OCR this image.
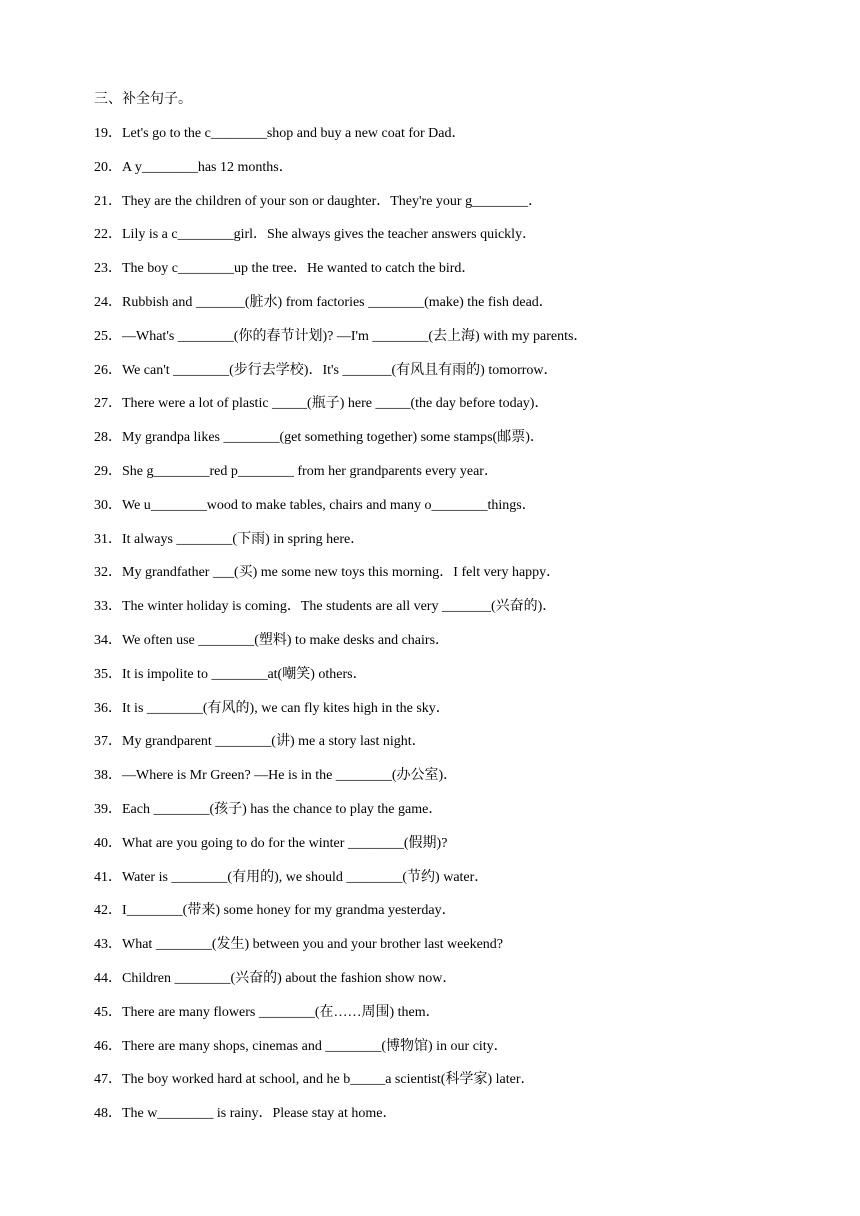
三、补全句子。
19．Let's go to the c________shop and buy a new coat for Dad．
20．A y________has 12 months．
21．They are the children of your son or daughter．They're your g________．
22．Lily is a c________girl．She always gives the teacher answers quickly．
23．The boy c________up the tree．He wanted to catch the bird．
24．Rubbish and _______(脏水) from factories ________(make) the fish dead．
25．—What's ________(你的春节计划)? —I'm ________(去上海) with my parents．
26．We can't ________(步行去学校)．It's _______(有风且有雨的) tomorrow．
27．There were a lot of plastic _____(瓶子) here _____(the day before today)．
28．My grandpa likes ________(get something together) some stamps(邮票)．
29．She g________red p________ from her grandparents every year．
30．We u________wood to make tables, chairs and many o________things．
31．It always ________(下雨) in spring here．
32．My grandfather ___(买) me some new toys this morning．I felt very happy．
33．The winter holiday is coming．The students are all very _______(兴奋的)．
34．We often use ________(塑料) to make desks and chairs．
35．It is impolite to ________at(嘲笑) others．
36．It is ________(有风的), we can fly kites high in the sky．
37．My grandparent ________(讲) me a story last night．
38．—Where is Mr Green? —He is in the ________(办公室)．
39．Each ________(孩子) has the chance to play the game．
40．What are you going to do for the winter ________(假期)?
41．Water is ________(有用的), we should ________(节约) water．
42．I________(带来) some honey for my grandma yesterday．
43．What ________(发生) between you and your brother last weekend?
44．Children ________(兴奋的) about the fashion show now．
45．There are many flowers ________(在……周围) them．
46．There are many shops, cinemas and ________(博物馆) in our city．
47．The boy worked hard at school, and he b_____a scientist(科学家) later．
48．The w________ is rainy．Please stay at home．
